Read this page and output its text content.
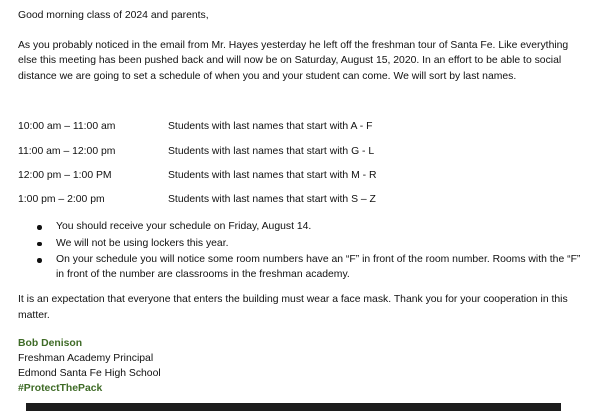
Good morning class of 2024 and parents,
As you probably noticed in the email from Mr. Hayes yesterday he left off the freshman tour of Santa Fe. Like everything else this meeting has been pushed back and will now be on Saturday, August 15, 2020. In an effort to be able to social distance we are going to set a schedule of when you and your student can come. We will sort by last names.
10:00 am – 11:00 am	Students with last names that start with A - F
11:00 am – 12:00 pm	Students with last names that start with G - L
12:00 pm – 1:00 PM	Students with last names that start with M - R
1:00 pm – 2:00 pm	Students with last names that start with S – Z
You should receive your schedule on Friday, August 14.
We will not be using lockers this year.
On your schedule you will notice some room numbers have an “F” in front of the room number. Rooms with the “F” in front of the number are classrooms in the freshman academy.
It is an expectation that everyone that enters the building must wear a face mask. Thank you for your cooperation in this matter.
Bob Denison
Freshman Academy Principal
Edmond Santa Fe High School
#ProtectThePack
